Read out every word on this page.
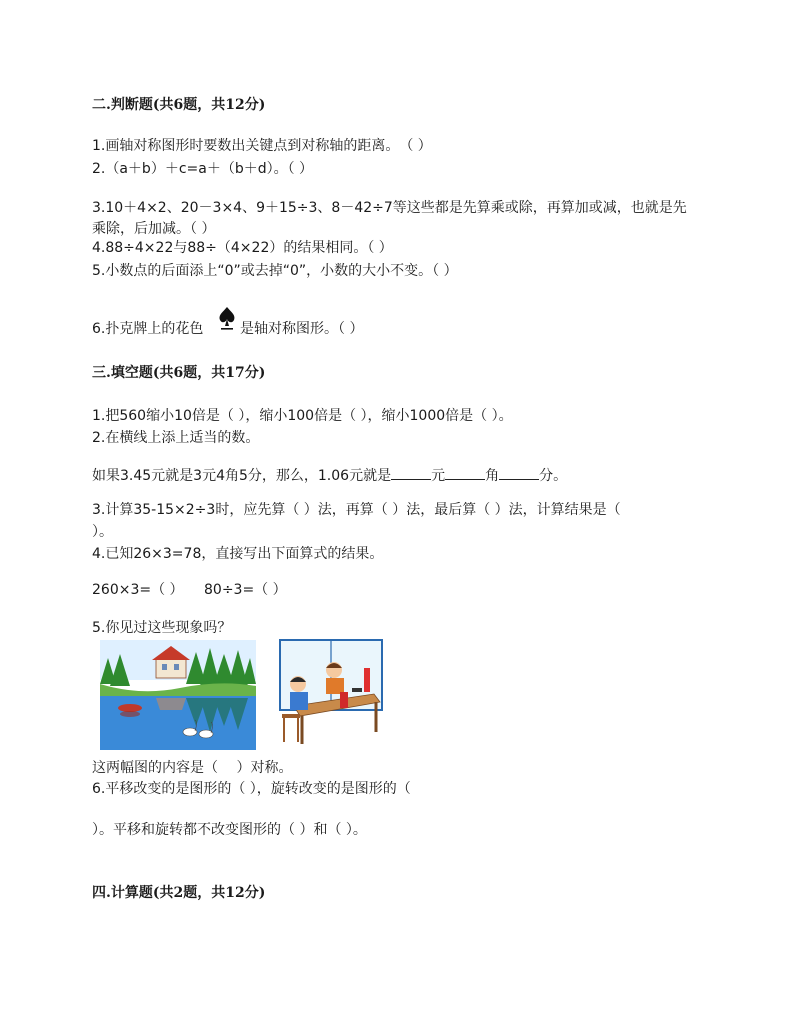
二.判断题(共6题，共12分)
1.画轴对称图形时要数出关键点到对称轴的距离。　（ ）
2.（a＋b）＋c=a＋（b＋d）。（ ）
3.10＋4×2、20－3×4、9＋15÷3、8－42÷7等这些都是先算乘或除，再算加或减，也就是先
乘除，后加减。（ ）
4.88÷4×22与88÷（4×22）的结果相同。（ ）
5.小数点的后面添上“0”或去掉“0”，小数的大小不变。（ ）
6.扑克牌上的花色	是轴对称图形。（ ）
三.填空题(共6题，共17分)
1.把560缩小10倍是（ ），缩小100倍是（ ），缩小1000倍是（ ）。
2.在横线上添上适当的数。
如果3.45元就是3元4角5分，那么，1.06元就是	元	角	分。
3.计算35-15×2÷3时，应先算（ ）法，再算（ ）法，最后算（ ）法，计算结果是（
）。
4.已知26×3=78，直接写出下面算式的结果。
260×3=（ ） 80÷3=（ ）
5.你见过这些现象吗？
这两幅图的内容是（　 ）对称。
6.平移改变的是图形的（ ），旋转改变的是图形的（
）。平移和旋转都不改变图形的（ ）和（ ）。
四.计算题(共2题，共12分)
